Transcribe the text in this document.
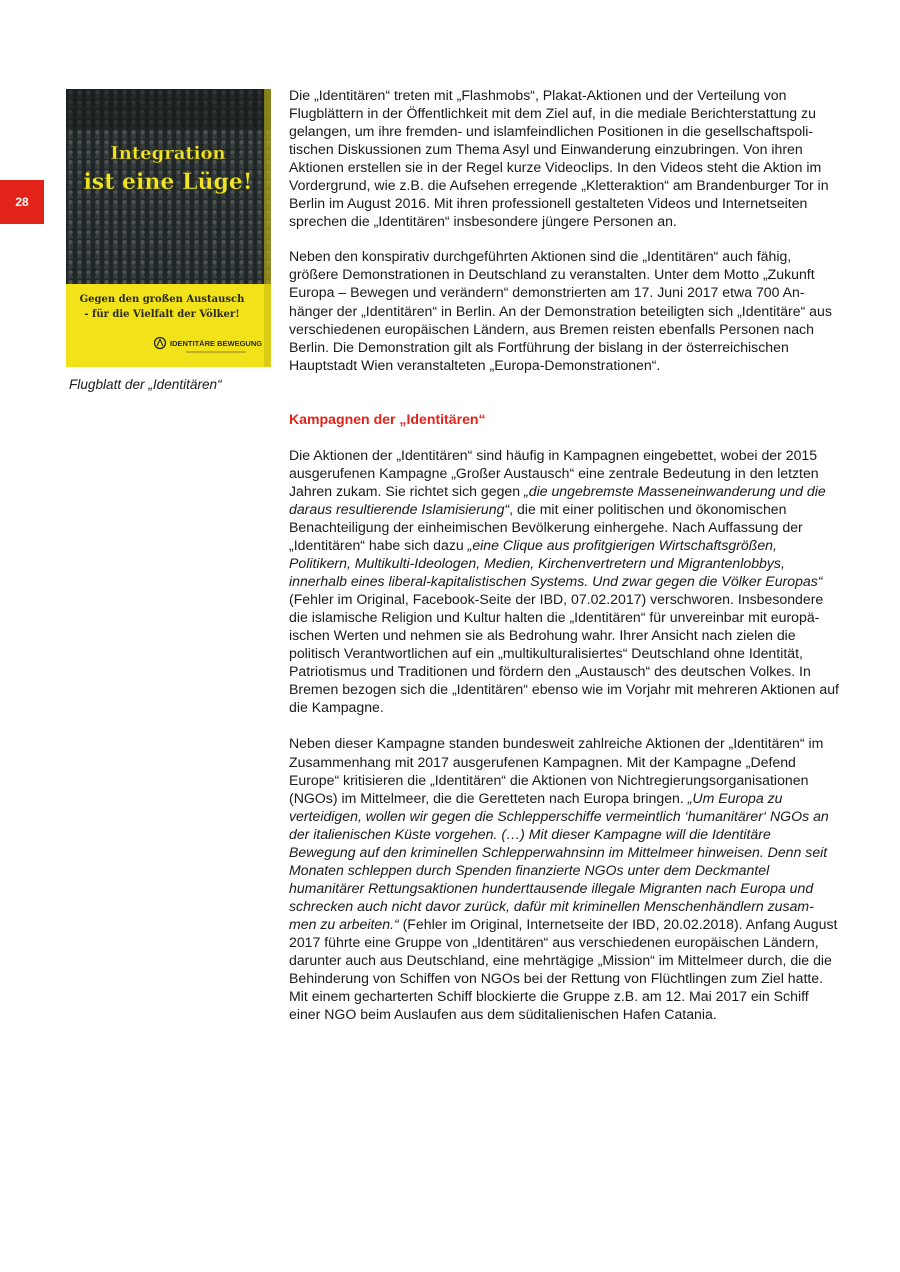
28
Integration
ist eine Lüge!
Gegen den großen Austausch
- für die Vielfalt der Völker!
IDENTITÄRE BEWEGUNG
Flugblatt der „Identitären“

Die „Identitären“ treten mit „Flashmobs“, Plakat-Aktionen und der Verteilung von Flugblättern in der Öffentlichkeit mit dem Ziel auf, in die mediale Berichterstattung zu gelangen, um ihre fremden- und islamfeindlichen Positionen in die gesellschaftspoli-tischen Diskussionen zum Thema Asyl und Einwanderung einzubringen. Von ihren Aktionen erstellen sie in der Regel kurze Videoclips. In den Videos steht die Aktion im Vordergrund, wie z.B. die Aufsehen erregende „Kletteraktion“ am Brandenburger Tor in Berlin im August 2016. Mit ihren professionell gestalteten Videos und Internetseiten sprechen die „Identitären“ insbesondere jüngere Personen an.

Neben den konspirativ durchgeführten Aktionen sind die „Identitären“ auch fähig, größere Demonstrationen in Deutschland zu veranstalten. Unter dem Motto „Zukunft Europa – Bewegen und verändern“ demonstrierten am 17. Juni 2017 etwa 700 An-hänger der „Identitären“ in Berlin. An der Demonstration beteiligten sich „Identitäre“ aus verschiedenen europäischen Ländern, aus Bremen reisten ebenfalls Personen nach Berlin. Die Demonstration gilt als Fortführung der bislang in der österreichischen Hauptstadt Wien veranstalteten „Europa-Demonstrationen“.

Kampagnen der „Identitären“

Die Aktionen der „Identitären“ sind häufig in Kampagnen eingebettet, wobei der 2015 ausgerufenen Kampagne „Großer Austausch“ eine zentrale Bedeutung in den letzten Jahren zukam. Sie richtet sich gegen „die ungebremste Masseneinwanderung und die daraus resultierende Islamisierung“, die mit einer politischen und ökonomischen Benachteiligung der einheimischen Bevölkerung einhergehe. Nach Auffassung der „Identitären“ habe sich dazu „eine Clique aus profitgierigen Wirtschaftsgrößen, Politikern, Multikulti-Ideologen, Medien, Kirchenvertretern und Migrantenlobbys, innerhalb eines liberal-kapitalistischen Systems. Und zwar gegen die Völker Europas“ (Fehler im Original, Facebook-Seite der IBD, 07.02.2017) verschworen. Insbesondere die islamische Religion und Kultur halten die „Identitären“ für unvereinbar mit europä-ischen Werten und nehmen sie als Bedrohung wahr. Ihrer Ansicht nach zielen die politisch Verantwortlichen auf ein „multikulturalisiertes“ Deutschland ohne Identität, Patriotismus und Traditionen und fördern den „Austausch“ des deutschen Volkes. In Bremen bezogen sich die „Identitären“ ebenso wie im Vorjahr mit mehreren Aktionen auf die Kampagne.

Neben dieser Kampagne standen bundesweit zahlreiche Aktionen der „Identitären“ im Zusammenhang mit 2017 ausgerufenen Kampagnen. Mit der Kampagne „Defend Europe“ kritisieren die „Identitären“ die Aktionen von Nichtregierungsorganisationen (NGOs) im Mittelmeer, die die Geretteten nach Europa bringen. „Um Europa zu verteidigen, wollen wir gegen die Schlepperschiffe vermeintlich ‘humanitärer‘ NGOs an der italienischen Küste vorgehen. (…) Mit dieser Kampagne will die Identitäre Bewegung auf den kriminellen Schlepperwahnsinn im Mittelmeer hinweisen. Denn seit Monaten schleppen durch Spenden finanzierte NGOs unter dem Deckmantel humanitärer Rettungsaktionen hunderttausende illegale Migranten nach Europa und schrecken auch nicht davor zurück, dafür mit kriminellen Menschenhändlern zusam-men zu arbeiten.“ (Fehler im Original, Internetseite der IBD, 20.02.2018). Anfang August 2017 führte eine Gruppe von „Identitären“ aus verschiedenen europäischen Ländern, darunter auch aus Deutschland, eine mehrtägige „Mission“ im Mittelmeer durch, die die Behinderung von Schiffen von NGOs bei der Rettung von Flüchtlingen zum Ziel hatte. Mit einem gecharterten Schiff blockierte die Gruppe z.B. am 12. Mai 2017 ein Schiff einer NGO beim Auslaufen aus dem süditalienischen Hafen Catania.
